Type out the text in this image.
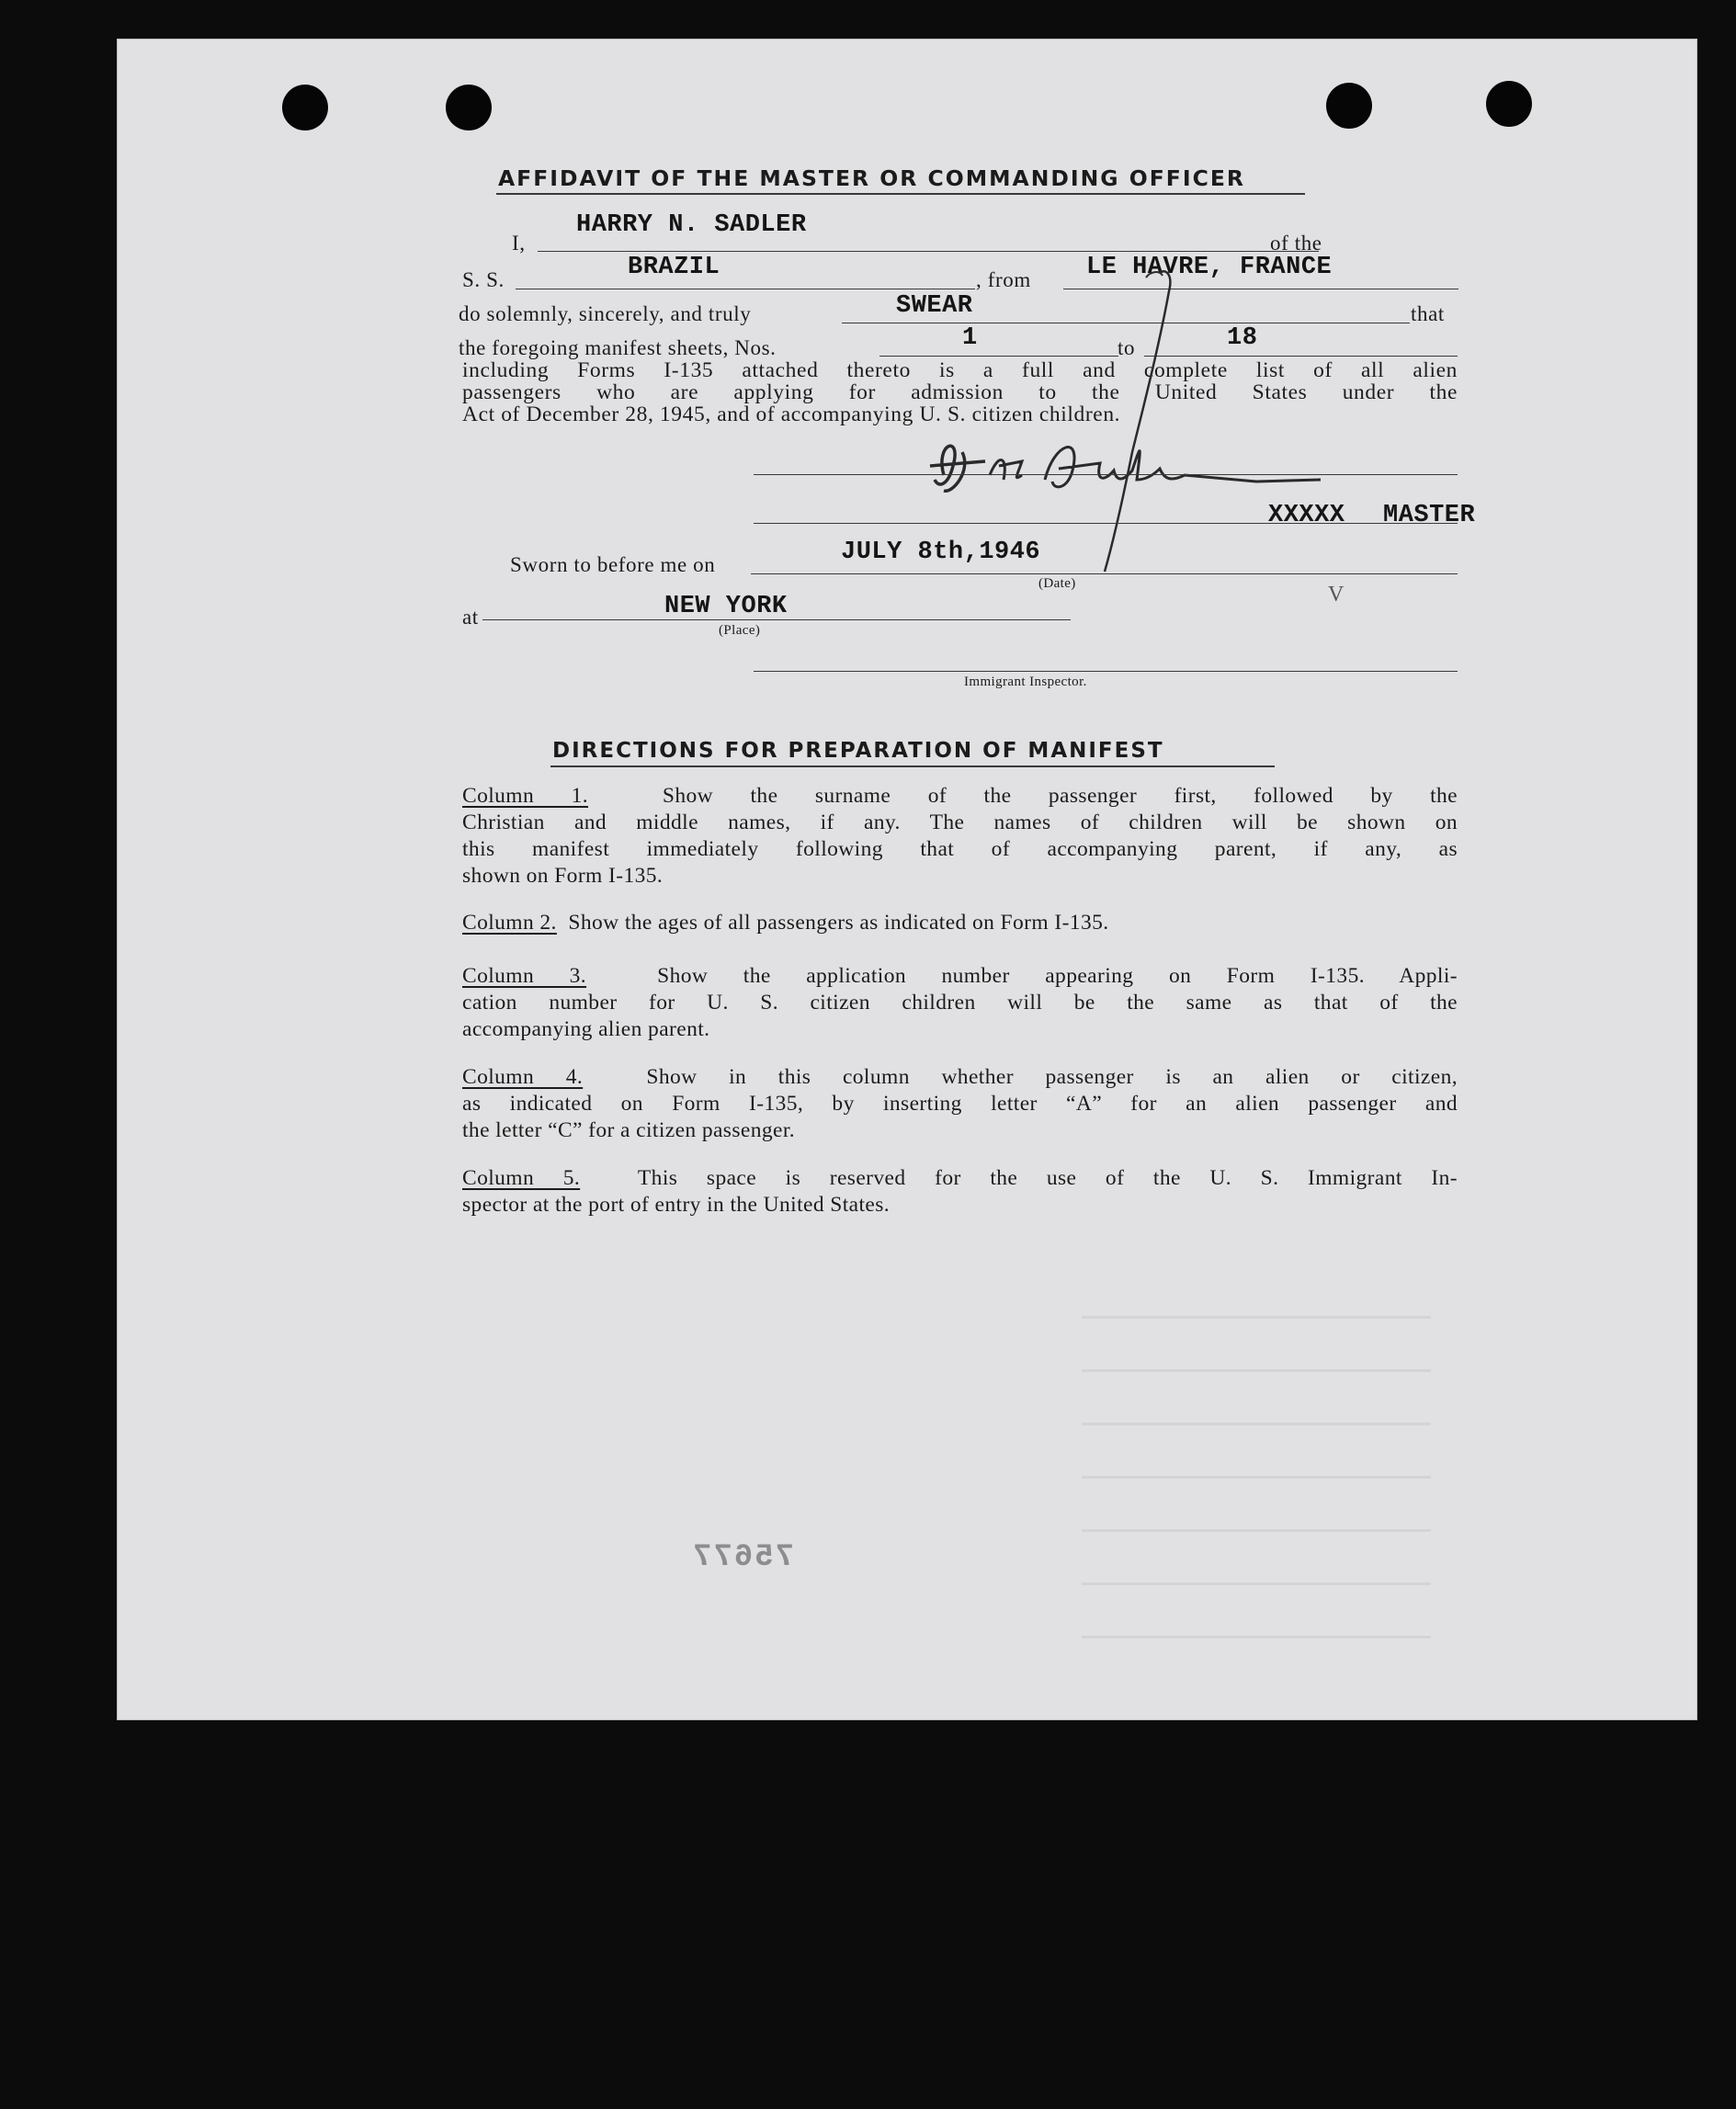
AFFIDAVIT OF THE MASTER OR COMMANDING OFFICER
I,
HARRY N. SADLER
of the
S. S.	BRAZIL	, from LE HAVRE, FRANCE
do solemnly, sincerely, and truly	SWEAR	that
the foregoing manifest sheets, Nos.	1	to	18
including Forms I-135 attached thereto is a full and complete list of all alien
passengers who are applying for admission to the United States under the
Act of December 28, 1945, and of accompanying U. S. citizen children.
XXXXX MASTER
Sworn to before me on	JULY 8th,1946
(Date)	V
at	NEW YORK
(Place)
Immigrant Inspector.
DIRECTIONS FOR PREPARATION OF MANIFEST
Column 1.	Show the surname of the passenger first, followed by the
Christian and middle names, if any. The names of children will be shown on
this manifest immediately following that of accompanying parent, if any, as
shown on Form I-135.
Column 2. Show the ages of all passengers as indicated on Form I-135.
Column 3.	Show the application number appearing on Form I-135. Appli-
cation number for U. S. citizen children will be the same as that of the
accompanying alien parent.
Column 4.	Show in this column whether passenger is an alien or citizen,
as indicated on Form I-135, by inserting letter “A” for an alien passenger and
the letter “C” for a citizen passenger.
Column 5.	This space is reserved for the use of the U. S. Immigrant In-
spector at the port of entry in the United States.
75677
